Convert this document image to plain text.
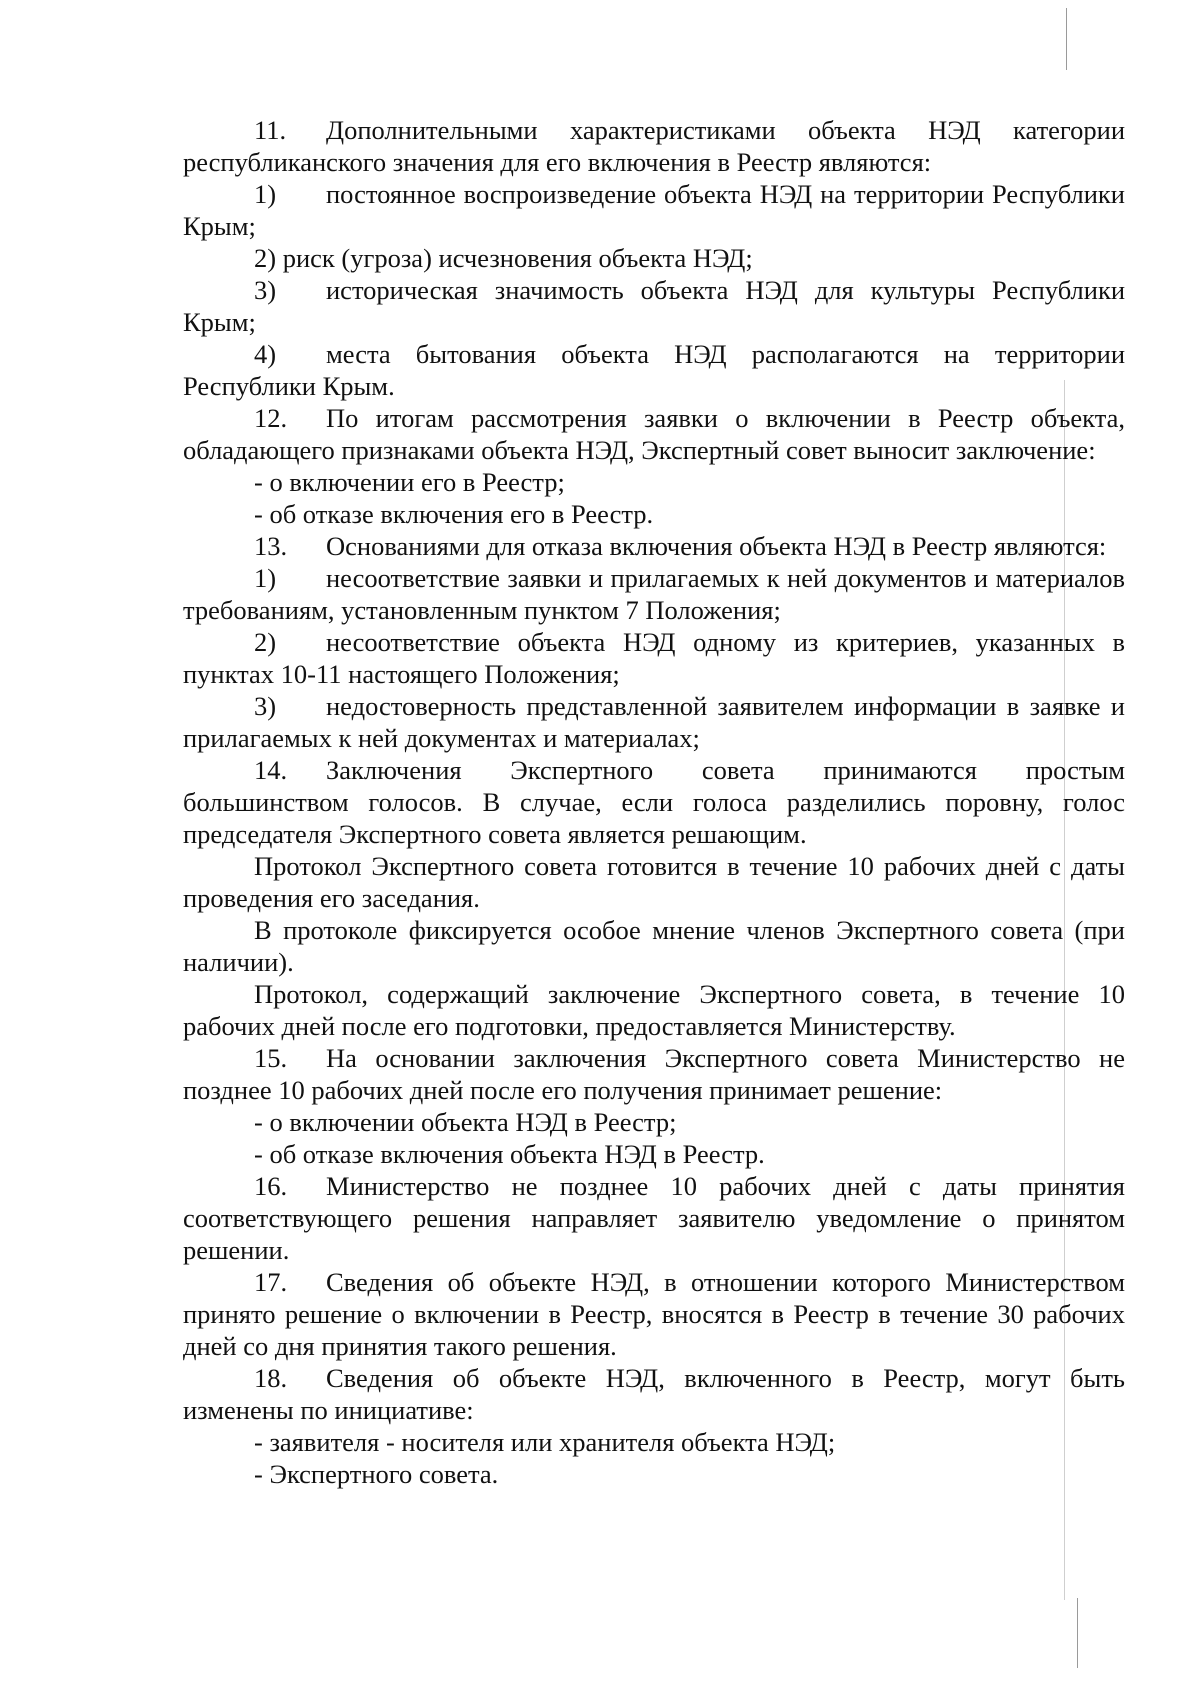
11. Дополнительными характеристиками объекта НЭД категории республиканского значения для его включения в Реестр являются:

1) постоянное воспроизведение объекта НЭД на территории Республики Крым;

2) риск (угроза) исчезновения объекта НЭД;

3) историческая значимость объекта НЭД для культуры Республики Крым;

4) места бытования объекта НЭД располагаются на территории Республики Крым.

12. По итогам рассмотрения заявки о включении в Реестр объекта, обладающего признаками объекта НЭД, Экспертный совет выносит заключение:

- о включении его в Реестр;

- об отказе включения его в Реестр.

13. Основаниями для отказа включения объекта НЭД в Реестр являются:

1) несоответствие заявки и прилагаемых к ней документов и материалов требованиям, установленным пунктом 7 Положения;

2) несоответствие объекта НЭД одному из критериев, указанных в пунктах 10-11 настоящего Положения;

3) недостоверность представленной заявителем информации в заявке и прилагаемых к ней документах и материалах;

14. Заключения Экспертного совета принимаются простым большинством голосов. В случае, если голоса разделились поровну, голос председателя Экспертного совета является решающим.

Протокол Экспертного совета готовится в течение 10 рабочих дней с даты проведения его заседания.

В протоколе фиксируется особое мнение членов Экспертного совета (при наличии).

Протокол, содержащий заключение Экспертного совета, в течение 10 рабочих дней после его подготовки, предоставляется Министерству.

15. На основании заключения Экспертного совета Министерство не позднее 10 рабочих дней после его получения принимает решение:

- о включении объекта НЭД в Реестр;

- об отказе включения объекта НЭД в Реестр.

16. Министерство не позднее 10 рабочих дней с даты принятия соответствующего решения направляет заявителю уведомление о принятом решении.

17. Сведения об объекте НЭД, в отношении которого Министерством принято решение о включении в Реестр, вносятся в Реестр в течение 30 рабочих дней со дня принятия такого решения.

18. Сведения об объекте НЭД, включенного в Реестр, могут быть изменены по инициативе:

- заявителя - носителя или хранителя объекта НЭД;

- Экспертного совета.
